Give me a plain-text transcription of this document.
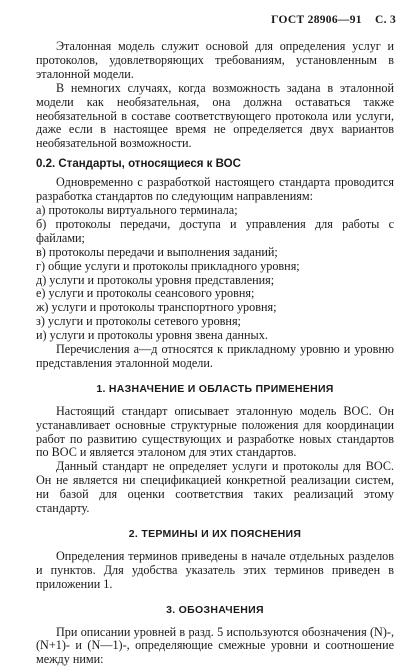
ГОСТ 28906—91 С. 3

Эталонная модель служит основой для определения услуг и протоколов, удовлетворяющих требованиям, установленным в эталонной модели.

В немногих случаях, когда возможность задана в эталонной модели как необязательная, она должна оставаться также необязательной в составе соответствующего протокола или услуги, даже если в настоящее время не определяется двух вариантов необязательной возможности.

0.2. Стандарты, относящиеся к ВОС

Одновременно с разработкой настоящего стандарта проводится разработка стандартов по следующим направлениям:

а) протоколы виртуального терминала;

б) протоколы передачи, доступа и управления для работы с файлами;

в) протоколы передачи и выполнения заданий;

г) общие услуги и протоколы прикладного уровня;

д) услуги и протоколы уровня представления;

е) услуги и протоколы сеансового уровня;

ж) услуги и протоколы транспортного уровня;

з) услуги и протоколы сетевого уровня;

и) услуги и протоколы уровня звена данных.

Перечисления а—д относятся к прикладному уровню и уровню представления эталонной модели.

1. НАЗНАЧЕНИЕ И ОБЛАСТЬ ПРИМЕНЕНИЯ

Настоящий стандарт описывает эталонную модель ВОС. Он устанавливает основные структурные положения для координации работ по развитию существующих и разработке новых стандартов по ВОС и является эталоном для этих стандартов.

Данный стандарт не определяет услуги и протоколы для ВОС. Он не является ни спецификацией конкретной реализации систем, ни базой для оценки соответствия таких реализаций этому стандарту.

2. ТЕРМИНЫ И ИХ ПОЯСНЕНИЯ

Определения терминов приведены в начале отдельных разделов и пунктов. Для удобства указатель этих терминов приведен в приложении 1.

3. ОБОЗНАЧЕНИЯ

При описании уровней в разд. 5 используются обозначения (N)-, (N+1)- и (N—1)-, определяющие смежные уровни и соотношение между ними:
